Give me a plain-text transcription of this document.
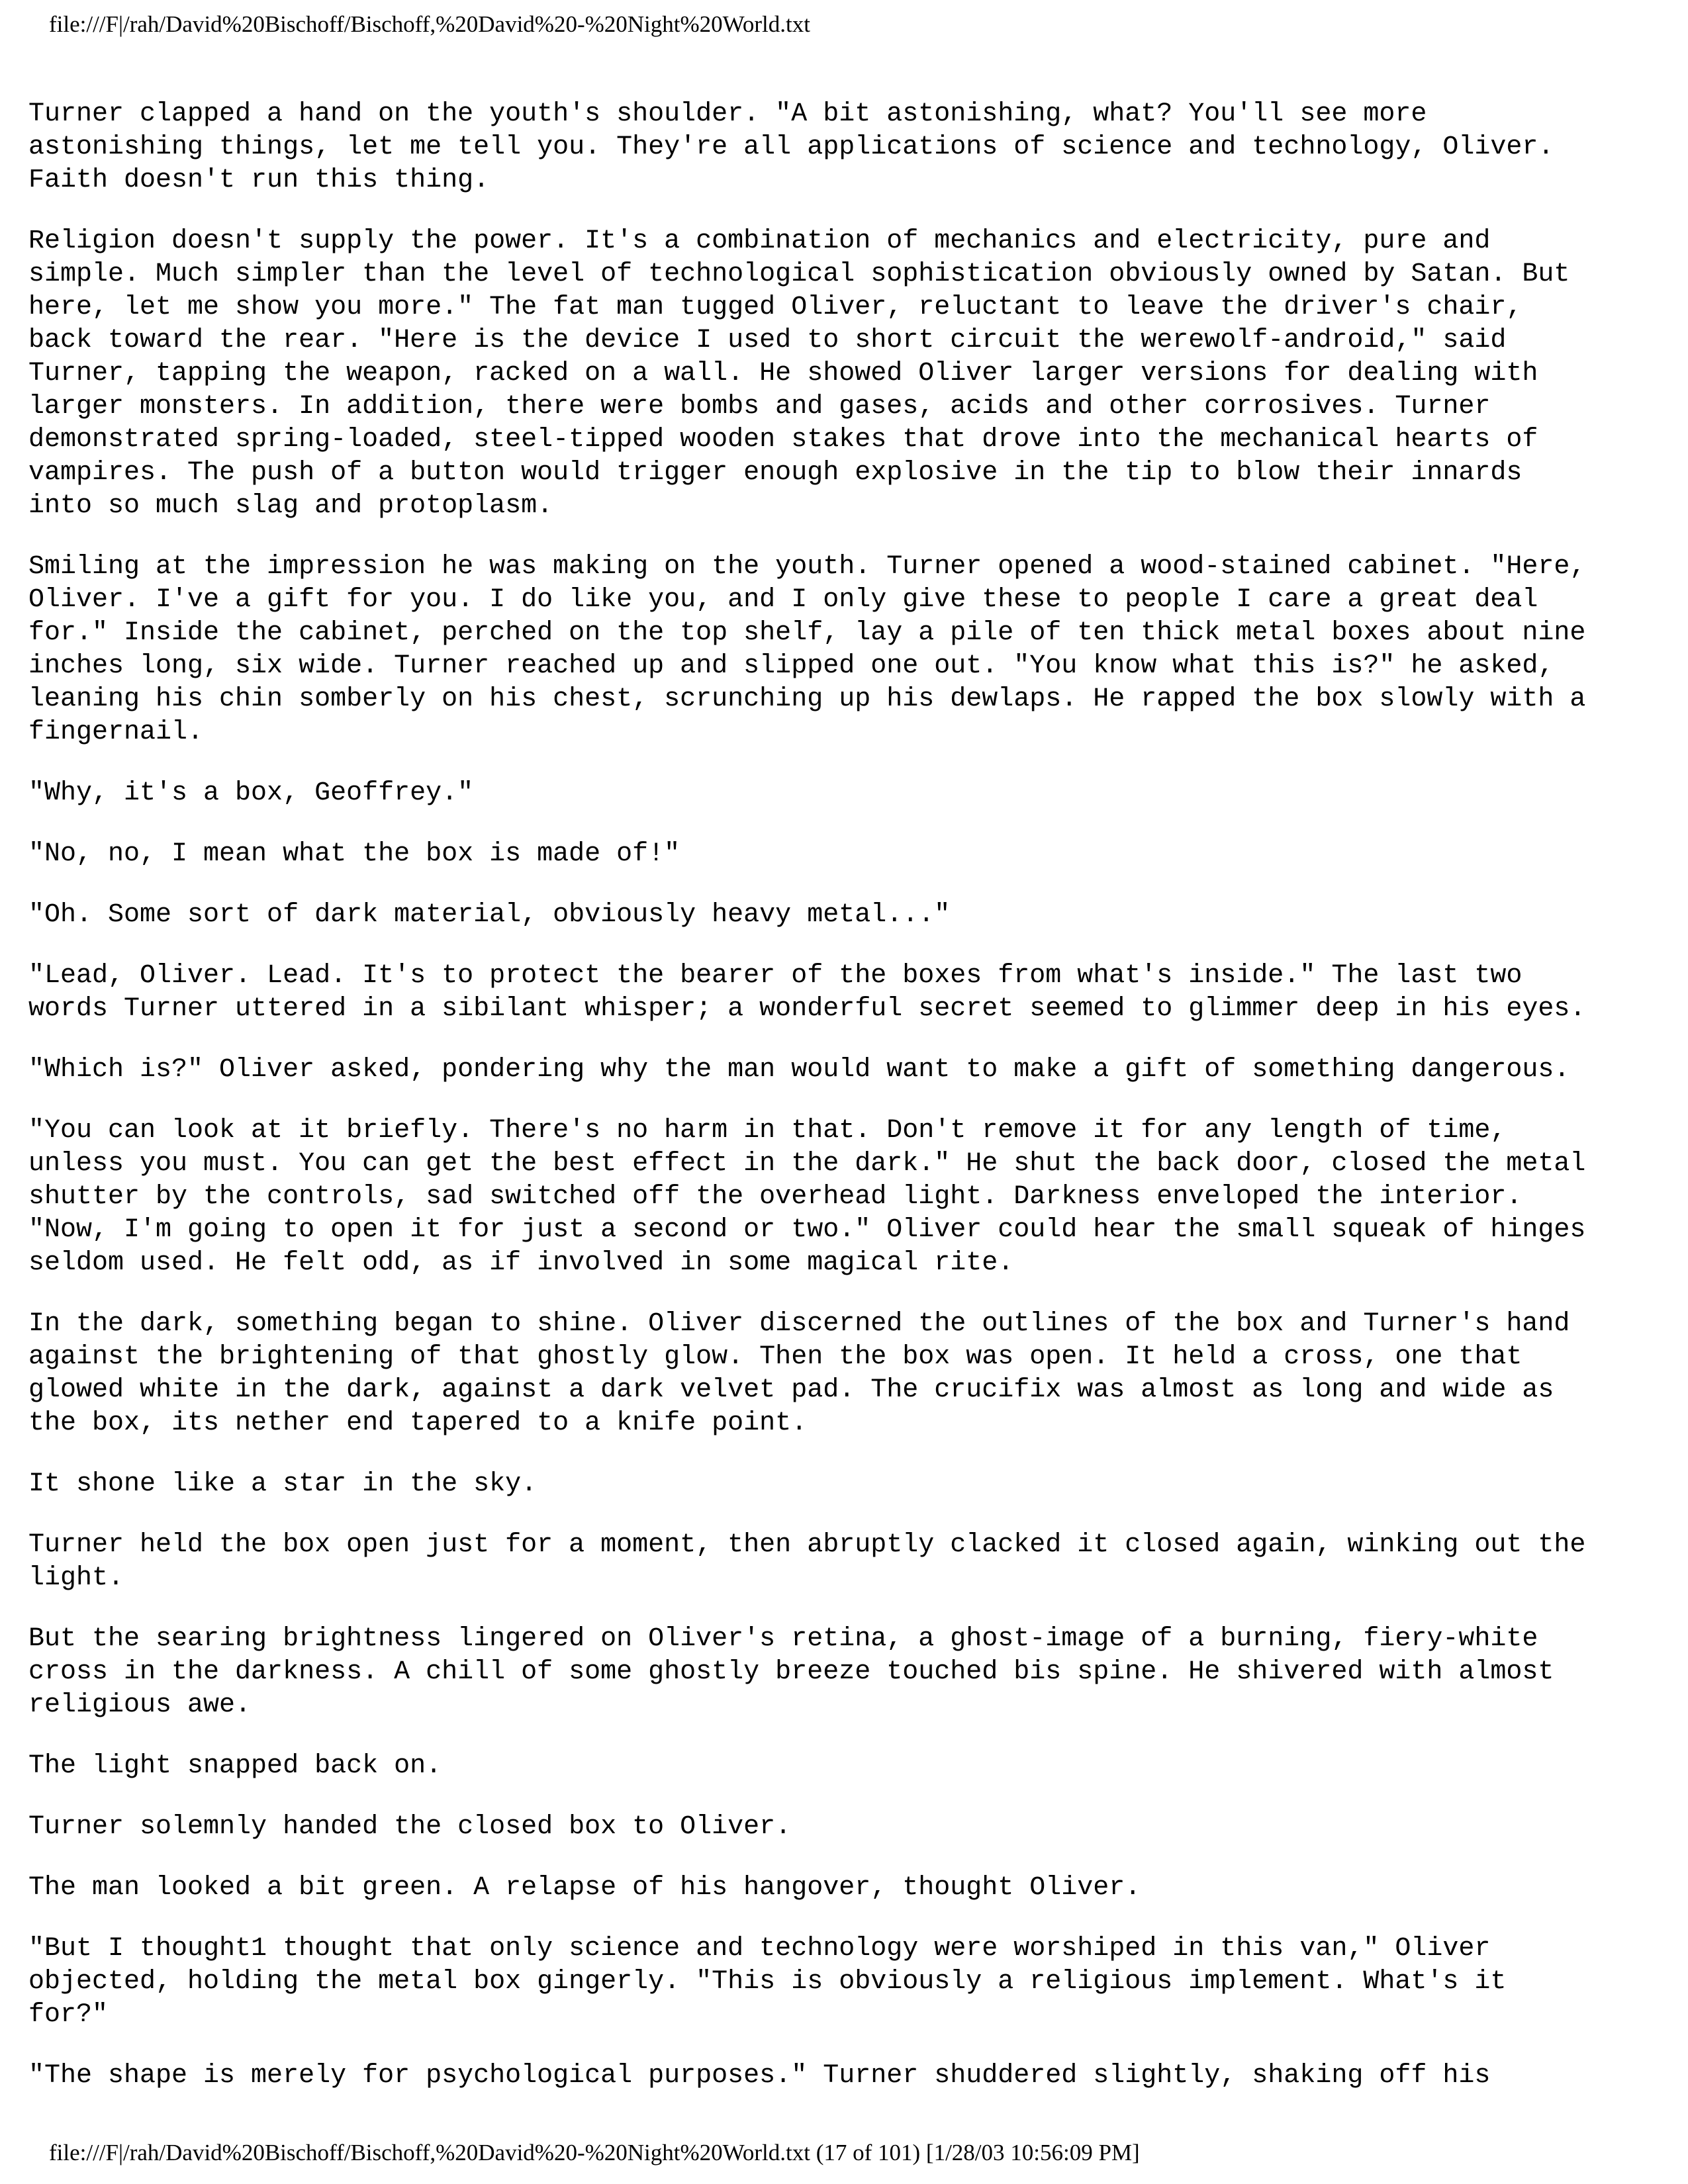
file:///F|/rah/David%20Bischoff/Bischoff,%20David%20-%20Night%20World.txt
Turner clapped a hand on the youth's shoulder. "A bit astonishing, what? You'll see more
astonishing things, let me tell you. They're all applications of science and technology, Oliver.
Faith doesn't run this thing.
Religion doesn't supply the power. It's a combination of mechanics and electricity, pure and
simple. Much simpler than the level of technological sophistication obviously owned by Satan. But
here, let me show you more." The fat man tugged Oliver, reluctant to leave the driver's chair,
back toward the rear. "Here is the device I used to short circuit the werewolf-android," said
Turner, tapping the weapon, racked on a wall. He showed Oliver larger versions for dealing with
larger monsters. In addition, there were bombs and gases, acids and other corrosives. Turner
demonstrated spring-loaded, steel-tipped wooden stakes that drove into the mechanical hearts of
vampires. The push of a button would trigger enough explosive in the tip to blow their innards
into so much slag and protoplasm.
Smiling at the impression he was making on the youth. Turner opened a wood-stained cabinet. "Here,
Oliver. I've a gift for you. I do like you, and I only give these to people I care a great deal
for." Inside the cabinet, perched on the top shelf, lay a pile of ten thick metal boxes about nine
inches long, six wide. Turner reached up and slipped one out. "You know what this is?" he asked,
leaning his chin somberly on his chest, scrunching up his dewlaps. He rapped the box slowly with a
fingernail.
"Why, it's a box, Geoffrey."
"No, no, I mean what the box is made of!"
"Oh. Some sort of dark material, obviously heavy metal..."
"Lead, Oliver. Lead. It's to protect the bearer of the boxes from what's inside." The last two
words Turner uttered in a sibilant whisper; a wonderful secret seemed to glimmer deep in his eyes.
"Which is?" Oliver asked, pondering why the man would want to make a gift of something dangerous.
"You can look at it briefly. There's no harm in that. Don't remove it for any length of time,
unless you must. You can get the best effect in the dark." He shut the back door, closed the metal
shutter by the controls, sad switched off the overhead light. Darkness enveloped the interior.
"Now, I'm going to open it for just a second or two." Oliver could hear the small squeak of hinges
seldom used. He felt odd, as if involved in some magical rite.
In the dark, something began to shine. Oliver discerned the outlines of the box and Turner's hand
against the brightening of that ghostly glow. Then the box was open. It held a cross, one that
glowed white in the dark, against a dark velvet pad. The crucifix was almost as long and wide as
the box, its nether end tapered to a knife point.
It shone like a star in the sky.
Turner held the box open just for a moment, then abruptly clacked it closed again, winking out the
light.
But the searing brightness lingered on Oliver's retina, a ghost-image of a burning, fiery-white
cross in the darkness. A chill of some ghostly breeze touched bis spine. He shivered with almost
religious awe.
The light snapped back on.
Turner solemnly handed the closed box to Oliver.
The man looked a bit green. A relapse of his hangover, thought Oliver.
"But I thought1 thought that only science and technology were worshiped in this van," Oliver
objected, holding the metal box gingerly. "This is obviously a religious implement. What's it
for?"
"The shape is merely for psychological purposes." Turner shuddered slightly, shaking off his
file:///F|/rah/David%20Bischoff/Bischoff,%20David%20-%20Night%20World.txt (17 of 101) [1/28/03 10:56:09 PM]
